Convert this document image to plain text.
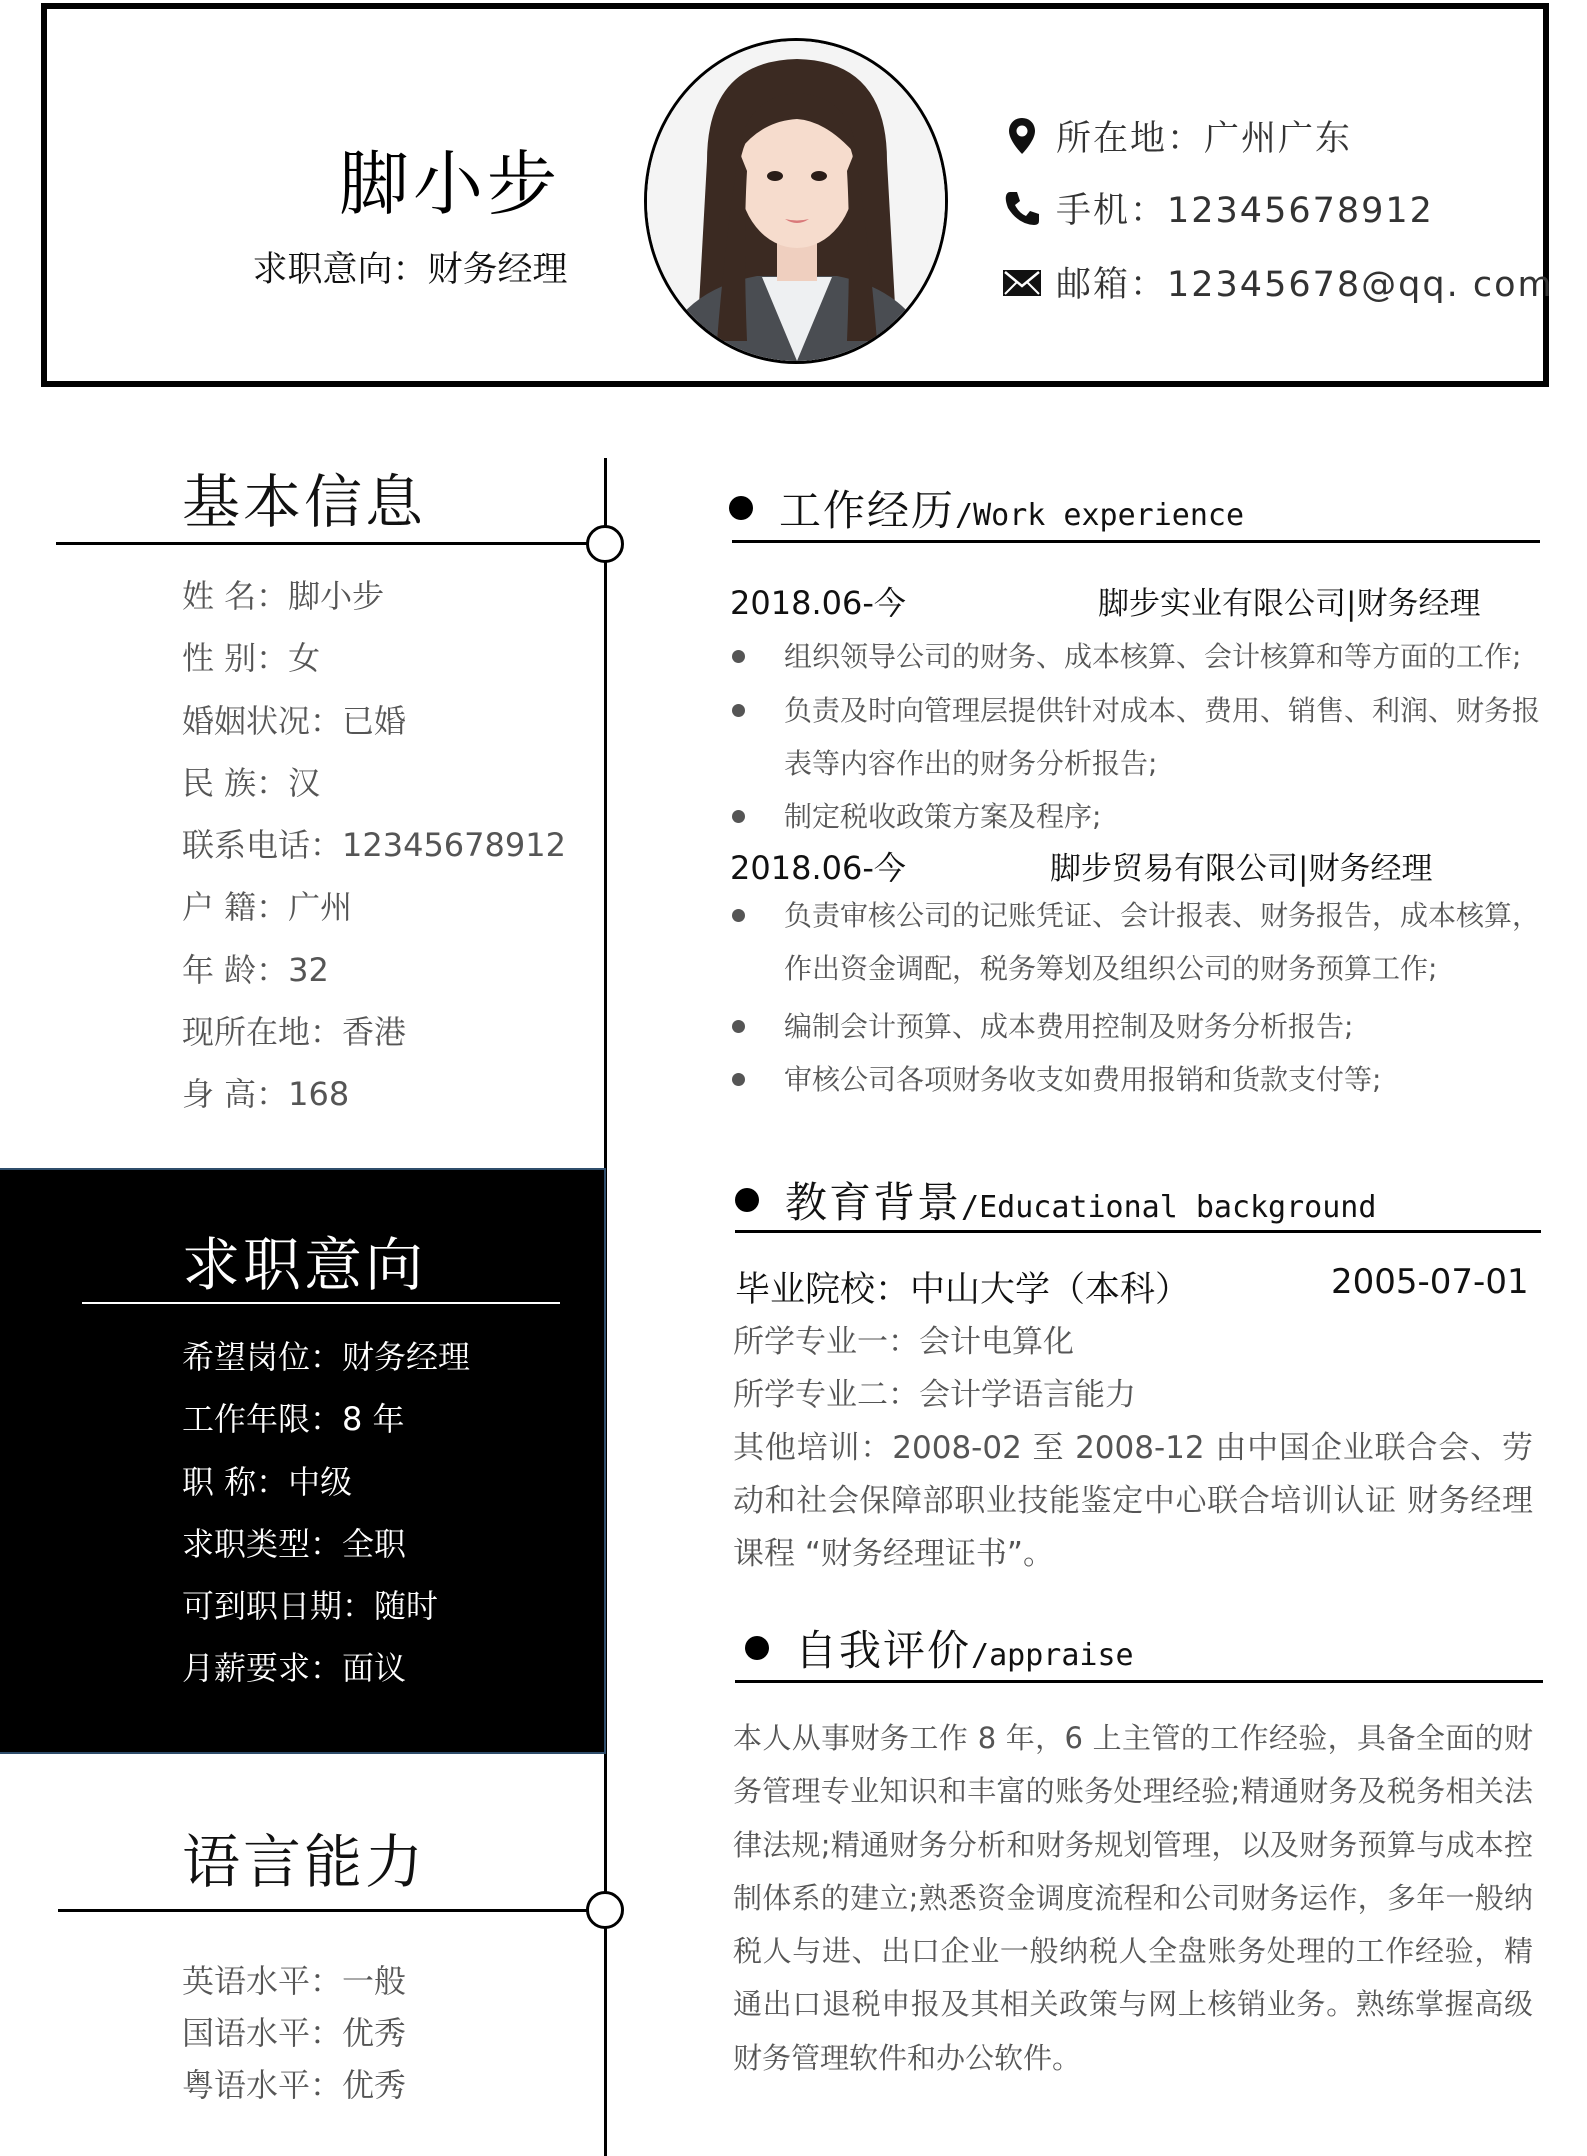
脚小步
求职意向：财务经理
所在地：广州广东
手机：12345678912
邮箱：12345678@qq. com
基本信息
姓 名：脚小步
性 别：女
婚姻状况：已婚
民 族：汉
联系电话：12345678912
户 籍：广州
年 龄：32
现所在地：香港
身 高：168
求职意向
希望岗位：财务经理
工作年限：8 年
职 称：中级
求职类型：全职
可到职日期：随时
月薪要求：面议
语言能力
英语水平：一般
国语水平：优秀
粤语水平：优秀
工作经历 /Work experience
2018.06-今	脚步实业有限公司|财务经理
组织领导公司的财务、成本核算、会计核算和等方面的工作;
负责及时向管理层提供针对成本、费用、销售、利润、财务报表等内容作出的财务分析报告;
制定税收政策方案及程序;
2018.06-今	脚步贸易有限公司|财务经理
负责审核公司的记账凭证、会计报表、财务报告，成本核算，作出资金调配，税务筹划及组织公司的财务预算工作;
编制会计预算、成本费用控制及财务分析报告;
审核公司各项财务收支如费用报销和货款支付等;
教育背景 /Educational background
毕业院校：中山大学（本科）	2005-07-01
所学专业一：会计电算化
所学专业二：会计学语言能力
其他培训：2008-02 至 2008-12 由中国企业联合会、劳动和社会保障部职业技能鉴定中心联合培训认证 财务经理课程 “财务经理证书”。
自我评价 /appraise
本人从事财务工作 8 年，6 上主管的工作经验，具备全面的财务管理专业知识和丰富的账务处理经验;精通财务及税务相关法律法规;精通财务分析和财务规划管理，以及财务预算与成本控制体系的建立;熟悉资金调度流程和公司财务运作，多年一般纳税人与进、出口企业一般纳税人全盘账务处理的工作经验，精通出口退税申报及其相关政策与网上核销业务。熟练掌握高级财务管理软件和办公软件。
